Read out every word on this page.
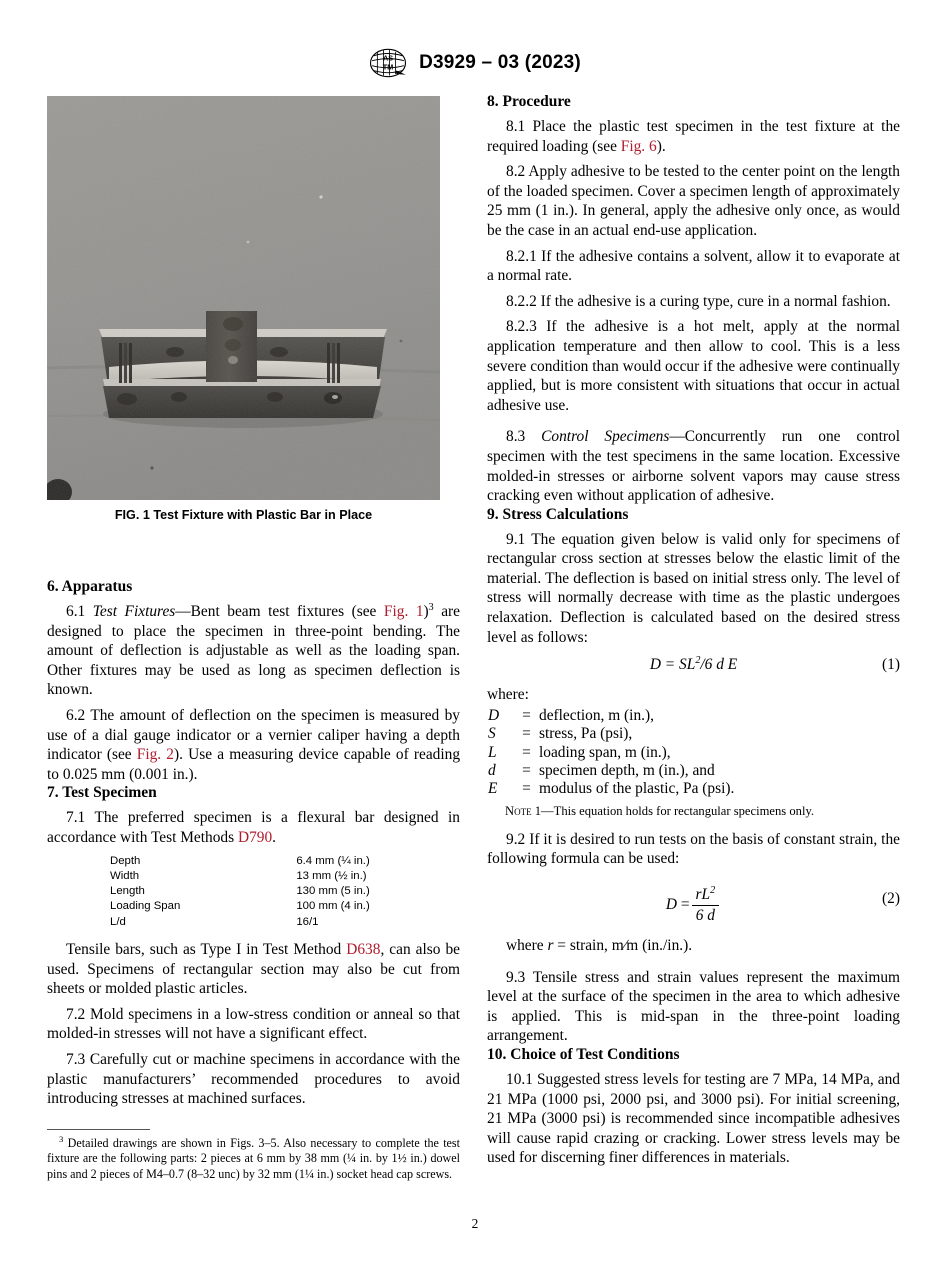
AS
TM D3929 – 03 (2023)
FIG. 1 Test Fixture with Plastic Bar in Place
6. Apparatus

6.1 Test Fixtures—Bent beam test fixtures (see Fig. 1)$^3$ are designed to place the specimen in three-point bending. The amount of deflection is adjustable as well as the loading span. Other fixtures may be used as long as specimen deflection is known.

6.2 The amount of deflection on the specimen is measured by use of a dial gauge indicator or a vernier caliper having a depth indicator (see Fig. 2). Use a measuring device capable of reading to 0.025 mm (0.001 in.).

7. Test Specimen

7.1 The preferred specimen is a flexural bar designed in accordance with Test Methods D790.

Depth	6.4 mm (¼ in.)
Width	13 mm (½ in.)
Length	130 mm (5 in.)
Loading Span	100 mm (4 in.)
L/d	16/1

Tensile bars, such as Type I in Test Method D638, can also be used. Specimens of rectangular section may also be cut from sheets or molded plastic articles.

7.2 Mold specimens in a low-stress condition or anneal so that molded-in stresses will not have a significant effect.

7.3 Carefully cut or machine specimens in accordance with the plastic manufacturers’ recommended procedures to avoid introducing stresses at machined surfaces.

$^3$ Detailed drawings are shown in Figs. 3–5. Also necessary to complete the test fixture are the following parts: 2 pieces at 6 mm by 38 mm (¼ in. by 1½ in.) dowel pins and 2 pieces of M4–0.7 (8–32 unc) by 32 mm (1¼ in.) socket head cap screws.

8. Procedure

8.1 Place the plastic test specimen in the test fixture at the required loading (see Fig. 6).

8.2 Apply adhesive to be tested to the center point on the length of the loaded specimen. Cover a specimen length of approximately 25 mm (1 in.). In general, apply the adhesive only once, as would be the case in an actual end-use application.

8.2.1 If the adhesive contains a solvent, allow it to evaporate at a normal rate.

8.2.2 If the adhesive is a curing type, cure in a normal fashion.

8.2.3 If the adhesive is a hot melt, apply at the normal application temperature and then allow to cool. This is a less severe condition than would occur if the adhesive were continually applied, but is more consistent with situations that occur in actual adhesive use.

8.3 Control Specimens—Concurrently run one control specimen with the test specimens in the same location. Excessive molded-in stresses or airborne solvent vapors may cause stress cracking even without application of adhesive.

9. Stress Calculations

9.1 The equation given below is valid only for specimens of rectangular cross section at stresses below the elastic limit of the material. The deflection is based on initial stress only. The level of stress will normally decrease with time as the plastic undergoes relaxation. Deflection is calculated based on the desired stress level as follows:

$D = SL^2/6$ d E	(1)
where:
D	=	deflection, m (in.),
S	=	stress, Pa (psi),
L	=	loading span, m (in.),
d	=	specimen depth, m (in.), and
E	=	modulus of the plastic, Pa (psi).

Note 1—This equation holds for rectangular specimens only.

9.2 If it is desired to run tests on the basis of constant strain, the following formula can be used:

$D = \frac{rL^2}{6 d}$	(2)

where r = strain, m∕m (in./in.).

9.3 Tensile stress and strain values represent the maximum level at the surface of the specimen in the area to which adhesive is applied. This is mid-span in the three-point loading arrangement.

10. Choice of Test Conditions

10.1 Suggested stress levels for testing are 7 MPa, 14 MPa, and 21 MPa (1000 psi, 2000 psi, and 3000 psi). For initial screening, 21 MPa (3000 psi) is recommended since incompatible adhesives will cause rapid crazing or cracking. Lower stress levels may be used for discerning finer differences in materials.

2
